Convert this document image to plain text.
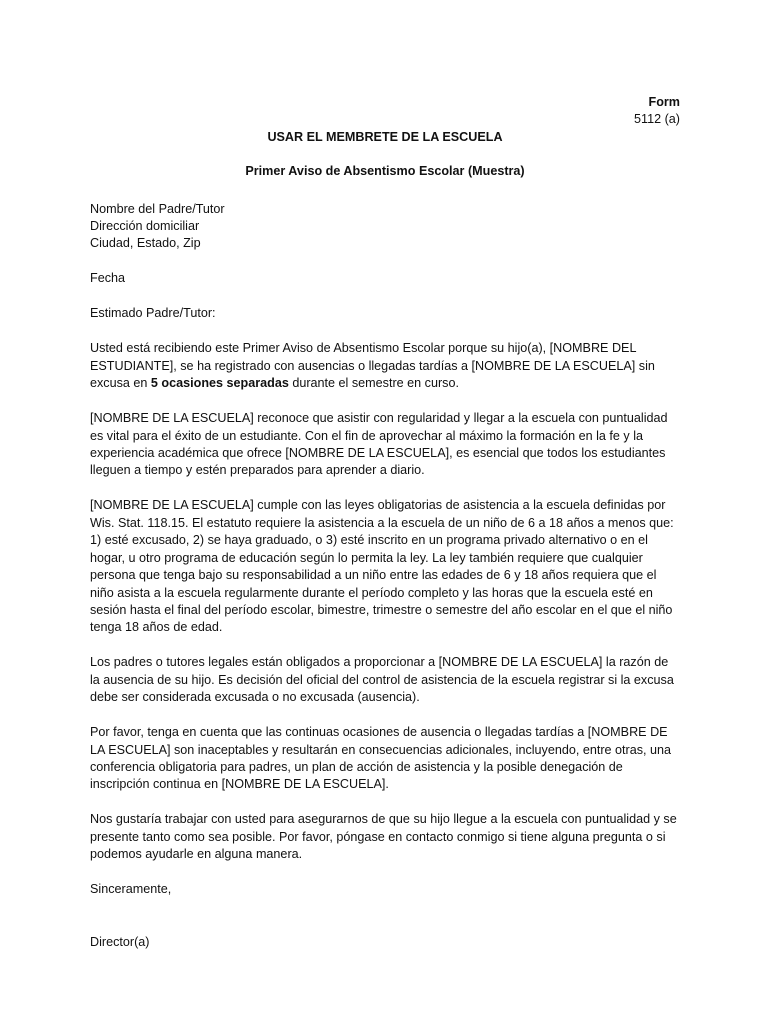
Form
5112 (a)

USAR EL MEMBRETE DE LA ESCUELA

Primer Aviso de Absentismo Escolar (Muestra)

Nombre del Padre/Tutor
Dirección domiciliar
Ciudad, Estado, Zip

Fecha

Estimado Padre/Tutor:

Usted está recibiendo este Primer Aviso de Absentismo Escolar porque su hijo(a), [NOMBRE DEL ESTUDIANTE], se ha registrado con ausencias o llegadas tardías a [NOMBRE DE LA ESCUELA] sin excusa en 5 ocasiones separadas durante el semestre en curso.

[NOMBRE DE LA ESCUELA] reconoce que asistir con regularidad y llegar a la escuela con puntualidad es vital para el éxito de un estudiante. Con el fin de aprovechar al máximo la formación en la fe y la experiencia académica que ofrece [NOMBRE DE LA ESCUELA], es esencial que todos los estudiantes lleguen a tiempo y estén preparados para aprender a diario.

[NOMBRE DE LA ESCUELA] cumple con las leyes obligatorias de asistencia a la escuela definidas por Wis. Stat. 118.15. El estatuto requiere la asistencia a la escuela de un niño de 6 a 18 años a menos que: 1) esté excusado, 2) se haya graduado, o 3) esté inscrito en un programa privado alternativo o en el hogar, u otro programa de educación según lo permita la ley. La ley también requiere que cualquier persona que tenga bajo su responsabilidad a un niño entre las edades de 6 y 18 años requiera que el niño asista a la escuela regularmente durante el período completo y las horas que la escuela esté en sesión hasta el final del período escolar, bimestre, trimestre o semestre del año escolar en el que el niño tenga 18 años de edad.

Los padres o tutores legales están obligados a proporcionar a [NOMBRE DE LA ESCUELA] la razón de la ausencia de su hijo. Es decisión del oficial del control de asistencia de la escuela registrar si la excusa debe ser considerada excusada o no excusada (ausencia).

Por favor, tenga en cuenta que las continuas ocasiones de ausencia o llegadas tardías a [NOMBRE DE LA ESCUELA] son inaceptables y resultarán en consecuencias adicionales, incluyendo, entre otras, una conferencia obligatoria para padres, un plan de acción de asistencia y la posible denegación de inscripción continua en [NOMBRE DE LA ESCUELA].

Nos gustaría trabajar con usted para asegurarnos de que su hijo llegue a la escuela con puntualidad y se presente tanto como sea posible. Por favor, póngase en contacto conmigo si tiene alguna pregunta o si podemos ayudarle en alguna manera.

Sinceramente,

Director(a)
